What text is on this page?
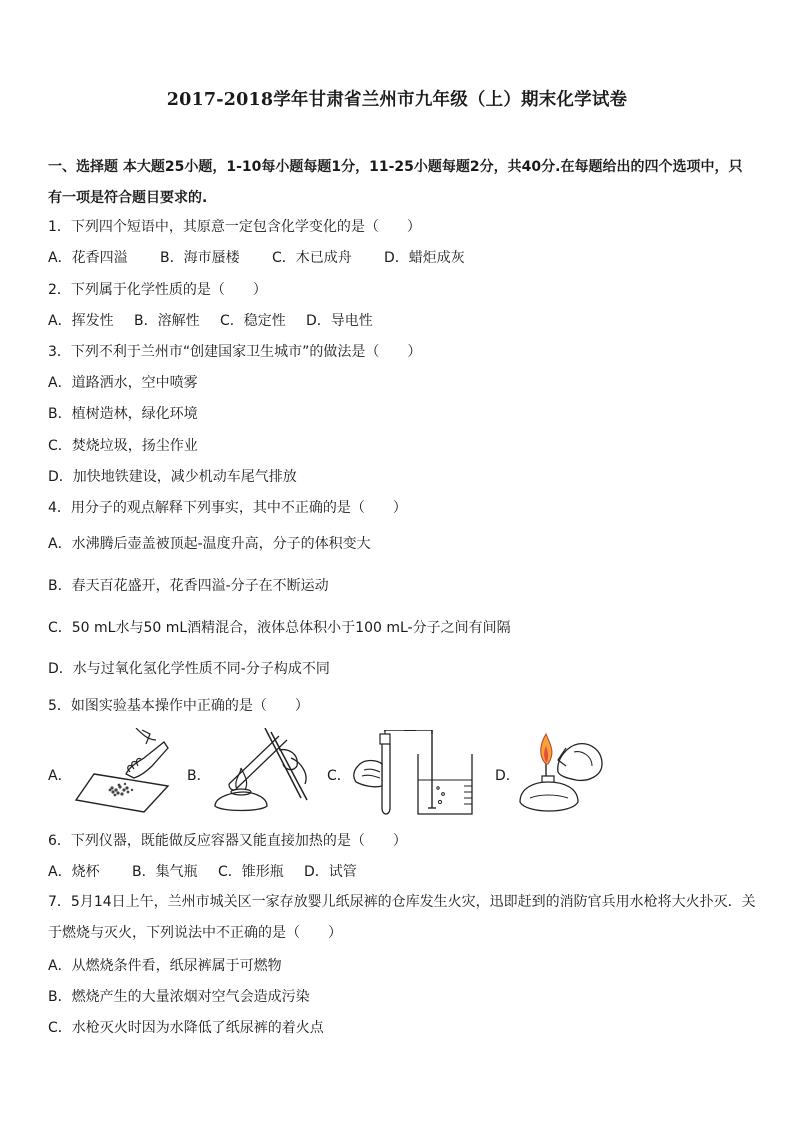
2017-2018学年甘肃省兰州市九年级（上）期末化学试卷
一、选择题 本大题25小题，1-10每小题每题1分，11-25小题每题2分，共40分.在每题给出的四个选项中，只有一项是符合题目要求的.
1．下列四个短语中，其原意一定包含化学变化的是（　　）
A．花香四溢 B．海市蜃楼 C．木已成舟 D．蜡炬成灰
2．下列属于化学性质的是（　　）
A．挥发性 B．溶解性 C．稳定性 D．导电性
3．下列不利于兰州市“创建国家卫生城市”的做法是（　　）
A．道路洒水，空中喷雾
B．植树造林，绿化环境
C．焚烧垃圾，扬尘作业
D．加快地铁建设，减少机动车尾气排放
4．用分子的观点解释下列事实，其中不正确的是（　　）
A．水沸腾后壶盖被顶起-温度升高，分子的体积变大
B．春天百花盛开，花香四溢-分子在不断运动
C．50 mL水与50 mL酒精混合，液体总体积小于100 mL-分子之间有间隔
D．水与过氧化氢化学性质不同-分子构成不同
5．如图实验基本操作中正确的是（　　）
A．	B．	C．	D．
6．下列仪器，既能做反应容器又能直接加热的是（　　）
A．烧杯 B．集气瓶 C．锥形瓶 D．试管
7．5月14日上午，兰州市城关区一家存放婴儿纸尿裤的仓库发生火灾，迅即赶到的消防官兵用水枪将大火扑灭．关于燃烧与灭火，下列说法中不正确的是（　　）
A．从燃烧条件看，纸尿裤属于可燃物
B．燃烧产生的大量浓烟对空气会造成污染
C．水枪灭火时因为水降低了纸尿裤的着火点
